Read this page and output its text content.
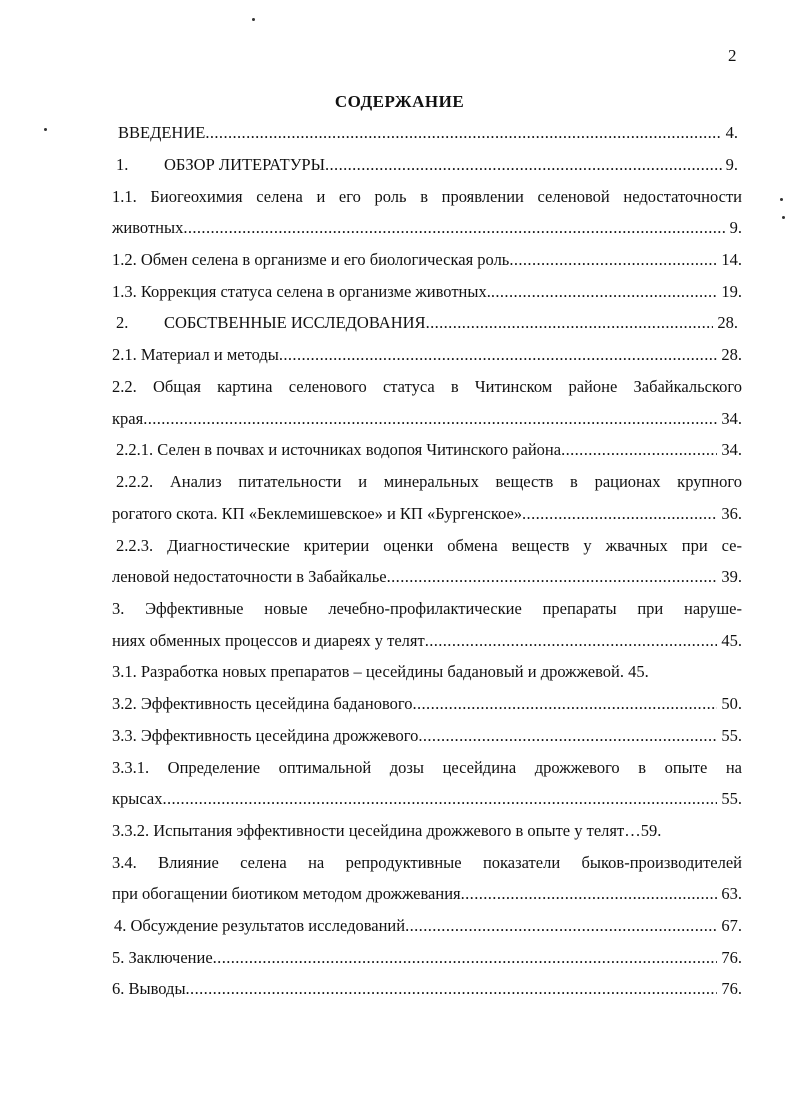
2
СОДЕРЖАНИЕ
ВВЕДЕНИЕ .....	4.
1. ОБЗОР ЛИТЕРАТУРЫ .....	9.
1.1. Биогеохимия селена и его роль в проявлении селеновой недостаточности
животных .....	9.
1.2. Обмен селена в организме и его биологическая роль .....	14.
1.3. Коррекция статуса селена в организме животных. .....	19.
2. СОБСТВЕННЫЕ ИССЛЕДОВАНИЯ .....	28.
2.1. Материал и методы .....	28.
2.2. Общая картина селенового статуса в Читинском районе Забайкальского
края .....	34.
2.2.1. Селен в почвах и источниках водопоя Читинского района .....	34.
2.2.2. Анализ питательности и минеральных веществ в рационах крупного
рогатого скота. КП «Беклемишевское» и КП «Бургенское» .....	36.
2.2.3. Диагностические критерии оценки обмена веществ у жвачных при се-
леновой недостаточности в Забайкалье .....	39.
3. Эффективные новые лечебно-профилактические препараты при наруше-
ниях обменных процессов и диареях у телят .....	45.
3.1. Разработка новых препаратов – цесейдины бадановый и дрожжевой. 45.
3.2. Эффективность цесейдина баданового .....	50.
3.3. Эффективность цесейдина дрожжевого .....	55.
3.3.1. Определение оптимальной дозы цесейдина дрожжевого в опыте на
крысах .....	55.
3.3.2. Испытания эффективности цесейдина дрожжевого в опыте у телят…59.
3.4. Влияние селена на репродуктивные показатели быков-производителей
при обогащении биотиком методом дрожжевания .....	63.
4. Обсуждение результатов исследований .....	67.
5. Заключение .....	76.
6. Выводы .....	76.
